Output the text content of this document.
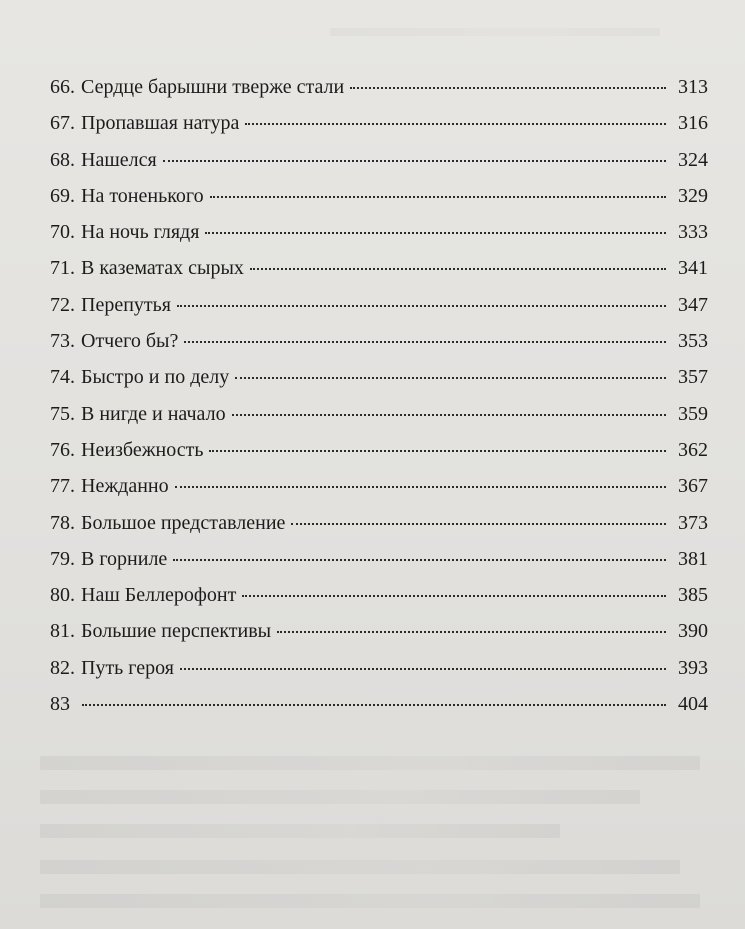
66. Сердце барышни тверже стали	313
67. Пропавшая натура	316
68. Нашелся	324
69. На тоненького	329
70. На ночь глядя	333
71. В казематах сырых	341
72. Перепутья	347
73. Отчего бы?	353
74. Быстро и по делу	357
75. В нигде и начало	359
76. Неизбежность	362
77. Нежданно	367
78. Большое представление	373
79. В горниле	381
80. Наш Беллерофонт	385
81. Большие перспективы	390
82. Путь героя	393
83	404
